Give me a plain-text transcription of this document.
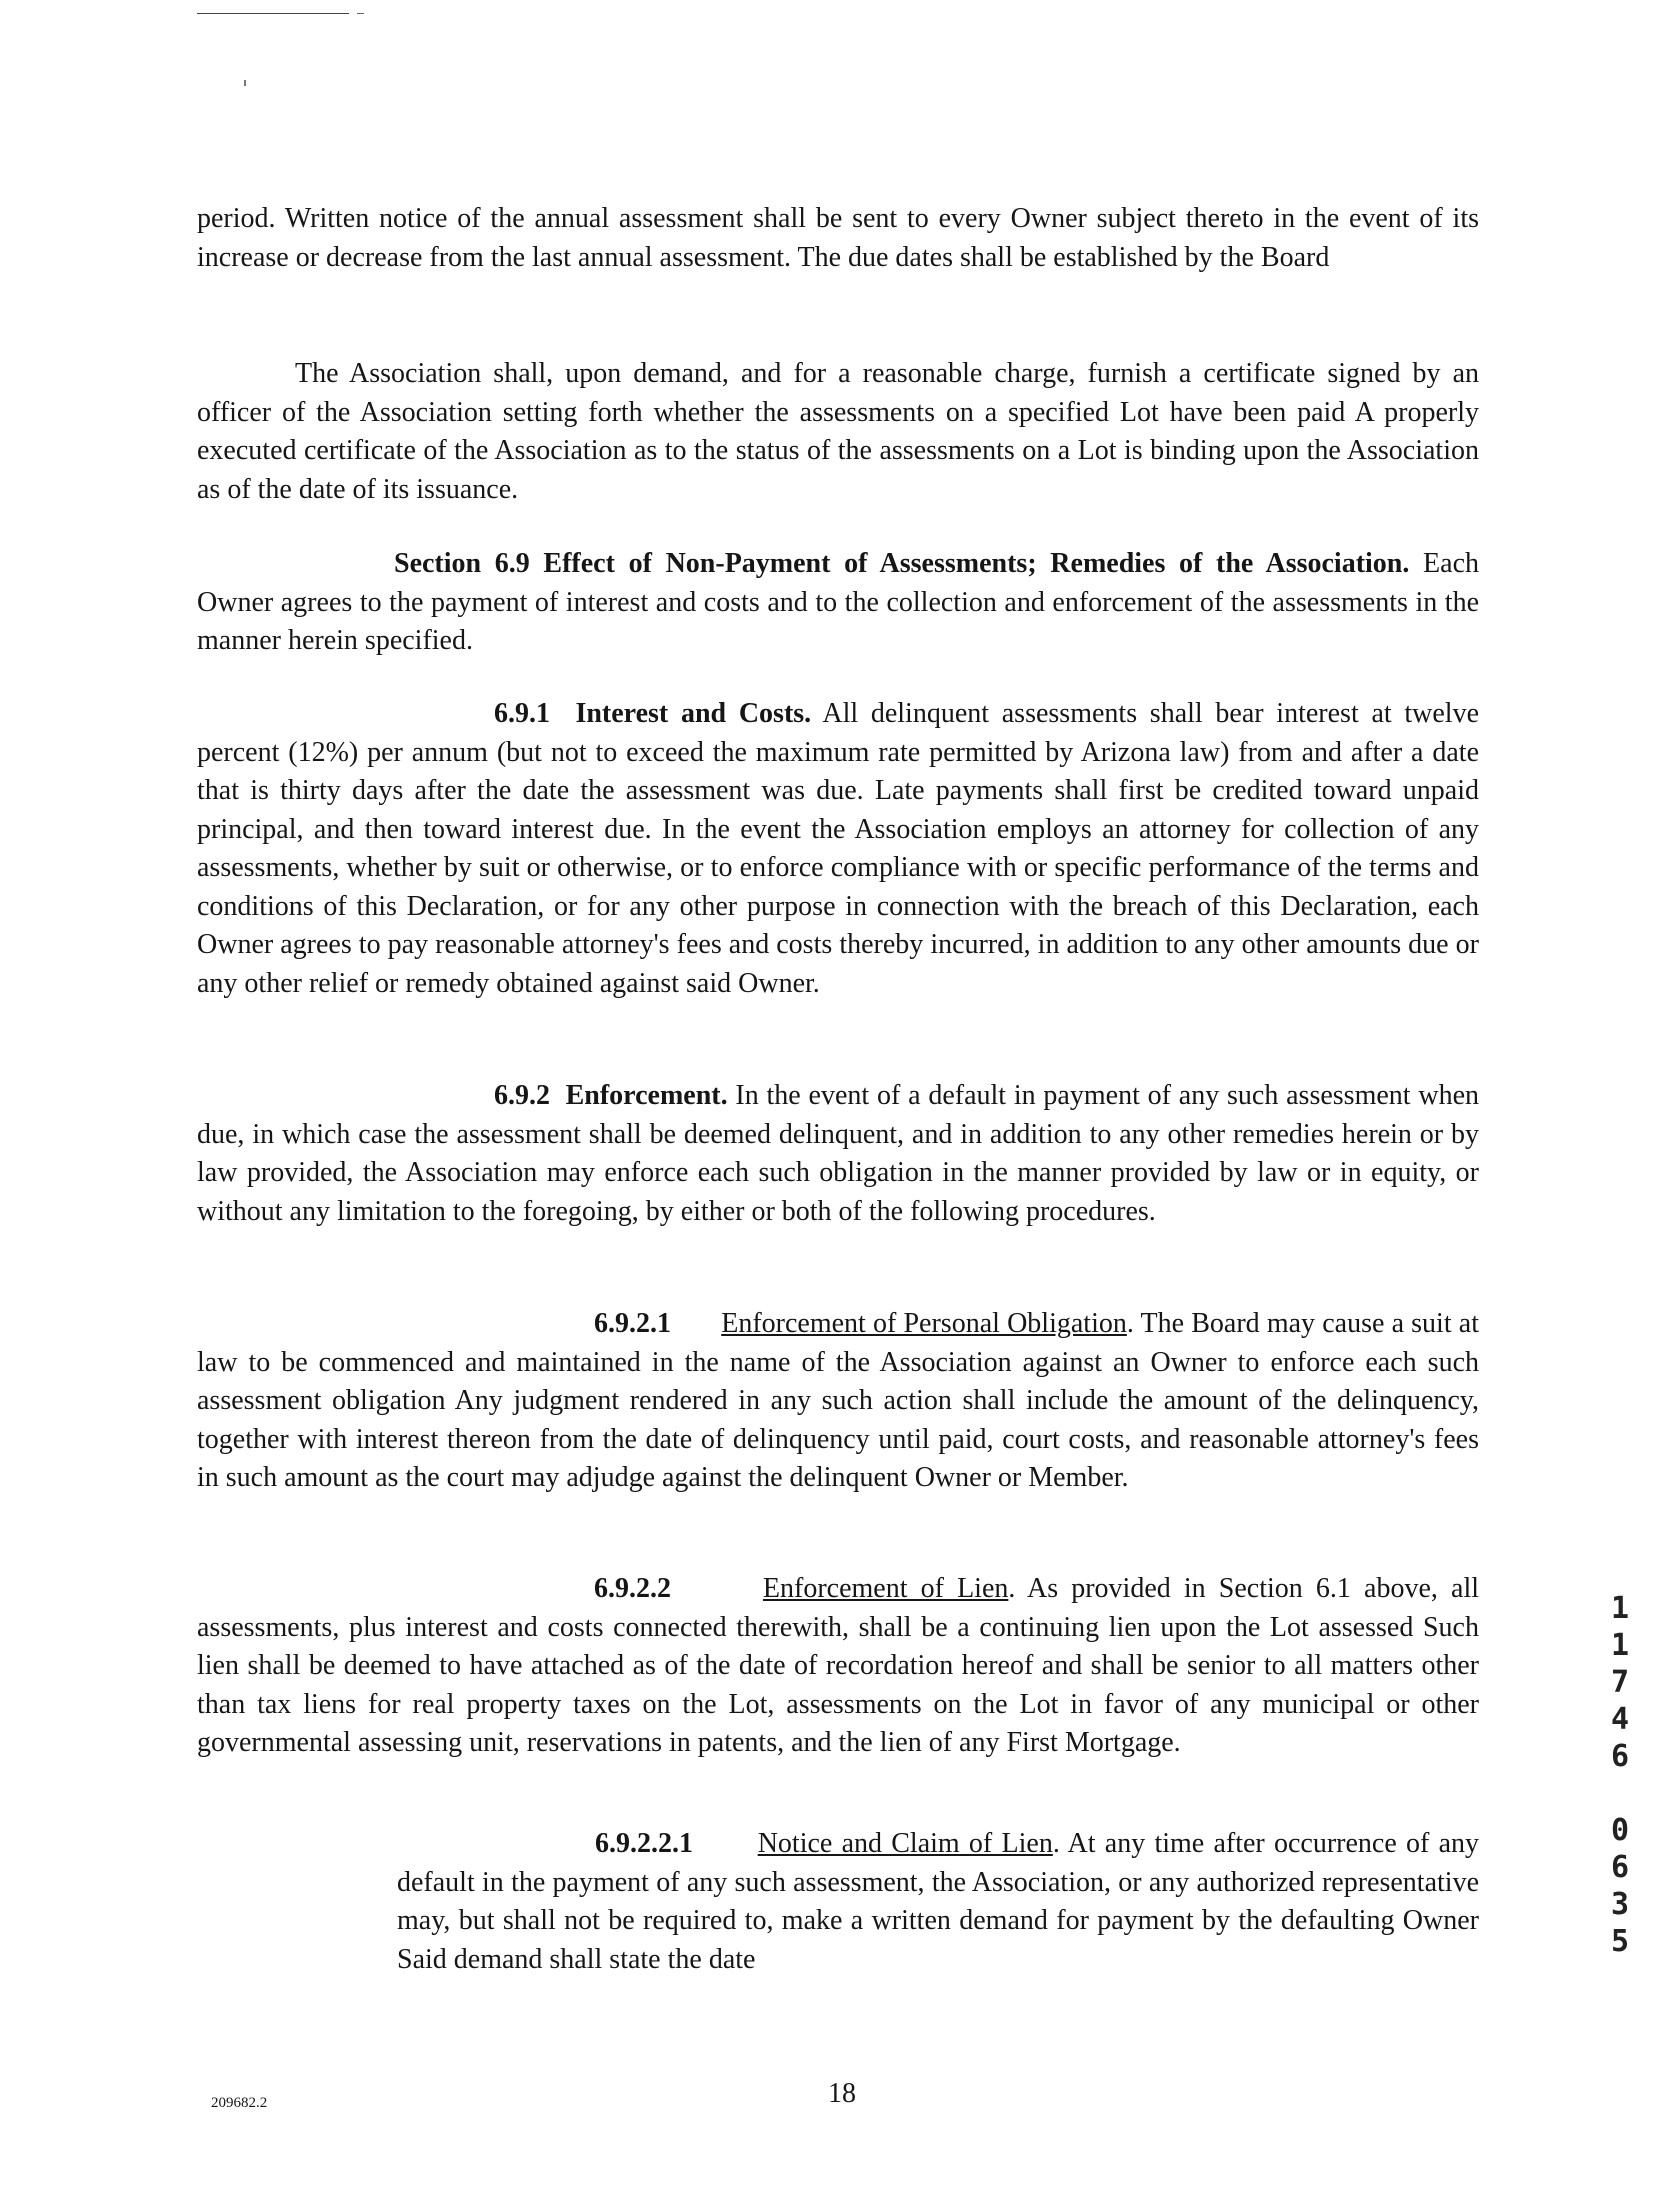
period. Written notice of the annual assessment shall be sent to every Owner subject thereto in the event of its increase or decrease from the last annual assessment. The due dates shall be established by the Board

The Association shall, upon demand, and for a reasonable charge, furnish a certificate signed by an officer of the Association setting forth whether the assessments on a specified Lot have been paid A properly executed certificate of the Association as to the status of the assessments on a Lot is binding upon the Association as of the date of its issuance.

Section 6.9 Effect of Non-Payment of Assessments; Remedies of the Association. Each Owner agrees to the payment of interest and costs and to the collection and enforcement of the assessments in the manner herein specified.

6.9.1 Interest and Costs. All delinquent assessments shall bear interest at twelve percent (12%) per annum (but not to exceed the maximum rate permitted by Arizona law) from and after a date that is thirty days after the date the assessment was due. Late payments shall first be credited toward unpaid principal, and then toward interest due. In the event the Association employs an attorney for collection of any assessments, whether by suit or otherwise, or to enforce compliance with or specific performance of the terms and conditions of this Declaration, or for any other purpose in connection with the breach of this Declaration, each Owner agrees to pay reasonable attorney's fees and costs thereby incurred, in addition to any other amounts due or any other relief or remedy obtained against said Owner.

6.9.2 Enforcement. In the event of a default in payment of any such assessment when due, in which case the assessment shall be deemed delinquent, and in addition to any other remedies herein or by law provided, the Association may enforce each such obligation in the manner provided by law or in equity, or without any limitation to the foregoing, by either or both of the following procedures.

6.9.2.1 Enforcement of Personal Obligation. The Board may cause a suit at law to be commenced and maintained in the name of the Association against an Owner to enforce each such assessment obligation Any judgment rendered in any such action shall include the amount of the delinquency, together with interest thereon from the date of delinquency until paid, court costs, and reasonable attorney's fees in such amount as the court may adjudge against the delinquent Owner or Member.

6.9.2.2	Enforcement of Lien. As provided in Section 6.1 above, all assessments, plus interest and costs connected therewith, shall be a continuing lien upon the Lot assessed Such lien shall be deemed to have attached as of the date of recordation hereof and shall be senior to all matters other than tax liens for real property taxes on the Lot, assessments on the Lot in favor of any municipal or other governmental assessing unit, reservations in patents, and the lien of any First Mortgage.

6.9.2.2.1 Notice and Claim of Lien. At any time after occurrence of any default in the payment of any such assessment, the Association, or any authorized representative may, but shall not be required to, make a written demand for payment by the defaulting Owner Said demand shall state the date

209682.2	18
1
1
7
4
6
0
6
3
5
